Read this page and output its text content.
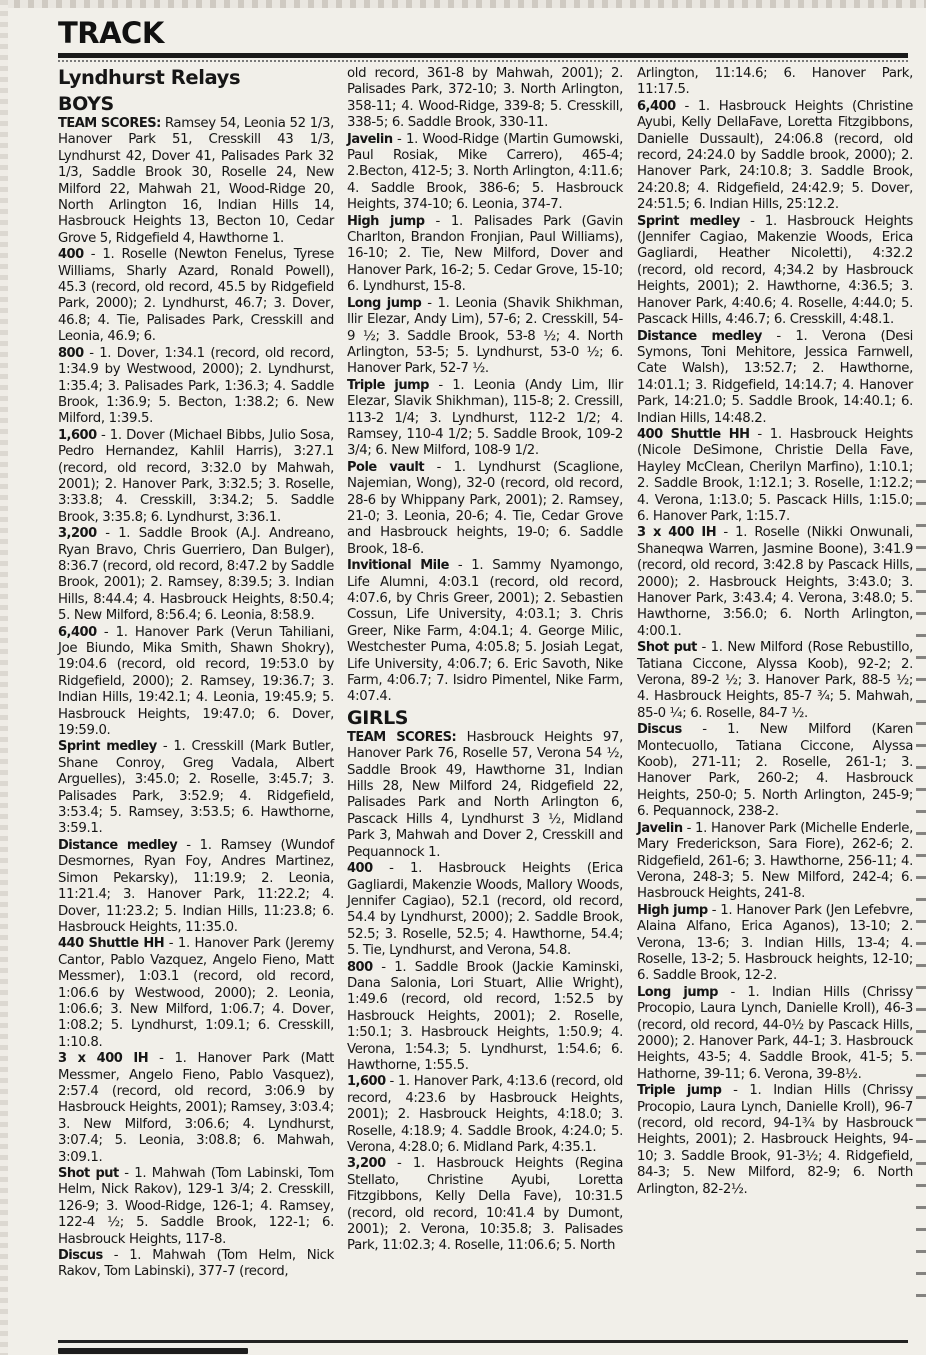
TRACK
Lyndhurst Relays
BOYS

TEAM SCORES: Ramsey 54, Leonia 52 1/3, Hanover Park 51, Cresskill 43 1/3, Lyndhurst 42, Dover 41, Palisades Park 32 1/3, Saddle Brook 30, Roselle 24, New Milford 22, Mahwah 21, Wood-Ridge 20, North Arlington 16, Indian Hills 14, Hasbrouck Heights 13, Becton 10, Cedar Grove 5, Ridgefield 4, Hawthorne 1.

400 - 1. Roselle (Newton Fenelus, Tyrese Williams, Sharly Azard, Ronald Powell), 45.3 (record, old record, 45.5 by Ridgefield Park, 2000); 2. Lyndhurst, 46.7; 3. Dover, 46.8; 4. Tie, Palisades Park, Cresskill and Leonia, 46.9; 6.

800 - 1. Dover, 1:34.1 (record, old record, 1:34.9 by Westwood, 2000); 2. Lyndhurst, 1:35.4; 3. Palisades Park, 1:36.3; 4. Saddle Brook, 1:36.9; 5. Becton, 1:38.2; 6. New Milford, 1:39.5.

1,600 - 1. Dover (Michael Bibbs, Julio Sosa, Pedro Hernandez, Kahlil Harris), 3:27.1 (record, old record, 3:32.0 by Mahwah, 2001); 2. Hanover Park, 3:32.5; 3. Roselle, 3:33.8; 4. Cresskill, 3:34.2; 5. Saddle Brook, 3:35.8; 6. Lyndhurst, 3:36.1.

3,200 - 1. Saddle Brook (A.J. Andreano, Ryan Bravo, Chris Guerriero, Dan Bulger), 8:36.7 (record, old record, 8:47.2 by Saddle Brook, 2001); 2. Ramsey, 8:39.5; 3. Indian Hills, 8:44.4; 4. Hasbrouck Heights, 8:50.4; 5. New Milford, 8:56.4; 6. Leonia, 8:58.9.

6,400 - 1. Hanover Park (Verun Tahiliani, Joe Biundo, Mika Smith, Shawn Shokry), 19:04.6 (record, old record, 19:53.0 by Ridgefield, 2000); 2. Ramsey, 19:36.7; 3. Indian Hills, 19:42.1; 4. Leonia, 19:45.9; 5. Hasbrouck Heights, 19:47.0; 6. Dover, 19:59.0.

Sprint medley - 1. Cresskill (Mark Butler, Shane Conroy, Greg Vadala, Albert Arguelles), 3:45.0; 2. Roselle, 3:45.7; 3. Palisades Park, 3:52.9; 4. Ridgefield, 3:53.4; 5. Ramsey, 3:53.5; 6. Hawthorne, 3:59.1.

Distance medley - 1. Ramsey (Wundof Desmornes, Ryan Foy, Andres Martinez, Simon Pekarsky), 11:19.9; 2. Leonia, 11:21.4; 3. Hanover Park, 11:22.2; 4. Dover, 11:23.2; 5. Indian Hills, 11:23.8; 6. Hasbrouck Heights, 11:35.0.

440 Shuttle HH - 1. Hanover Park (Jeremy Cantor, Pablo Vazquez, Angelo Fieno, Matt Messmer), 1:03.1 (record, old record, 1:06.6 by Westwood, 2000); 2. Leonia, 1:06.6; 3. New Milford, 1:06.7; 4. Dover, 1:08.2; 5. Lyndhurst, 1:09.1; 6. Cresskill, 1:10.8.

3 x 400 IH - 1. Hanover Park (Matt Messmer, Angelo Fieno, Pablo Vasquez), 2:57.4 (record, old record, 3:06.9 by Hasbrouck Heights, 2001); Ramsey, 3:03.4; 3. New Milford, 3:06.6; 4. Lyndhurst, 3:07.4; 5. Leonia, 3:08.8; 6. Mahwah, 3:09.1.

Shot put - 1. Mahwah (Tom Labinski, Tom Helm, Nick Rakov), 129-1 3/4; 2. Cresskill, 126-9; 3. Wood-Ridge, 126-1; 4. Ramsey, 122-4 ½; 5. Saddle Brook, 122-1; 6. Hasbrouck Heights, 117-8.

Discus - 1. Mahwah (Tom Helm, Nick Rakov, Tom Labinski), 377-7 (record,

old record, 361-8 by Mahwah, 2001); 2. Palisades Park, 372-10; 3. North Arlington, 358-11; 4. Wood-Ridge, 339-8; 5. Cresskill, 338-5; 6. Saddle Brook, 330-11.

Javelin - 1. Wood-Ridge (Martin Gumowski, Paul Rosiak, Mike Carrero), 465-4; 2.Becton, 412-5; 3. North Arlington, 4:11.6; 4. Saddle Brook, 386-6; 5. Hasbrouck Heights, 374-10; 6. Leonia, 374-7.

High jump - 1. Palisades Park (Gavin Charlton, Brandon Fronjian, Paul Williams), 16-10; 2. Tie, New Milford, Dover and Hanover Park, 16-2; 5. Cedar Grove, 15-10; 6. Lyndhurst, 15-8.

Long jump - 1. Leonia (Shavik Shikhman, Ilir Elezar, Andy Lim), 57-6; 2. Cresskill, 54-9 ½; 3. Saddle Brook, 53-8 ½; 4. North Arlington, 53-5; 5. Lyndhurst, 53-0 ½; 6. Hanover Park, 52-7 ½.

Triple jump - 1. Leonia (Andy Lim, Ilir Elezar, Slavik Shikhman), 115-8; 2. Cressill, 113-2 1/4; 3. Lyndhurst, 112-2 1/2; 4. Ramsey, 110-4 1/2; 5. Saddle Brook, 109-2 3/4; 6. New Milford, 108-9 1/2.

Pole vault - 1. Lyndhurst (Scaglione, Najemian, Wong), 32-0 (record, old record, 28-6 by Whippany Park, 2001); 2. Ramsey, 21-0; 3. Leonia, 20-6; 4. Tie, Cedar Grove and Hasbrouck heights, 19-0; 6. Saddle Brook, 18-6.

Invitional Mile - 1. Sammy Nyamongo, Life Alumni, 4:03.1 (record, old record, 4:07.6, by Chris Greer, 2001); 2. Sebastien Cossun, Life University, 4:03.1; 3. Chris Greer, Nike Farm, 4:04.1; 4. George Milic, Westchester Puma, 4:05.8; 5. Josiah Legat, Life University, 4:06.7; 6. Eric Savoth, Nike Farm, 4:06.7; 7. Isidro Pimentel, Nike Farm, 4:07.4.

GIRLS

TEAM SCORES: Hasbrouck Heights 97, Hanover Park 76, Roselle 57, Verona 54 ½, Saddle Brook 49, Hawthorne 31, Indian Hills 28, New Milford 24, Ridgefield 22, Palisades Park and North Arlington 6, Pascack Hills 4, Lyndhurst 3 ½, Midland Park 3, Mahwah and Dover 2, Cresskill and Pequannock 1.

400 - 1. Hasbrouck Heights (Erica Gagliardi, Makenzie Woods, Mallory Woods, Jennifer Cagiao), 52.1 (record, old record, 54.4 by Lyndhurst, 2000); 2. Saddle Brook, 52.5; 3. Roselle, 52.5; 4. Hawthorne, 54.4; 5. Tie, Lyndhurst, and Verona, 54.8.

800 - 1. Saddle Brook (Jackie Kaminski, Dana Salonia, Lori Stuart, Allie Wright), 1:49.6 (record, old record, 1:52.5 by Hasbrouck Heights, 2001); 2. Roselle, 1:50.1; 3. Hasbrouck Heights, 1:50.9; 4. Verona, 1:54.3; 5. Lyndhurst, 1:54.6; 6. Hawthorne, 1:55.5.

1,600 - 1. Hanover Park, 4:13.6 (record, old record, 4:23.6 by Hasbrouck Heights, 2001); 2. Hasbrouck Heights, 4:18.0; 3. Roselle, 4:18.9; 4. Saddle Brook, 4:24.0; 5. Verona, 4:28.0; 6. Midland Park, 4:35.1.

3,200 - 1. Hasbrouck Heights (Regina Stellato, Christine Ayubi, Loretta Fitzgibbons, Kelly Della Fave), 10:31.5 (record, old record, 10:41.4 by Dumont, 2001); 2. Verona, 10:35.8; 3. Palisades Park, 11:02.3; 4. Roselle, 11:06.6; 5. North

Arlington, 11:14.6; 6. Hanover Park, 11:17.5.

6,400 - 1. Hasbrouck Heights (Christine Ayubi, Kelly DellaFave, Loretta Fitzgibbons, Danielle Dussault), 24:06.8 (record, old record, 24:24.0 by Saddle brook, 2000); 2. Hanover Park, 24:10.8; 3. Saddle Brook, 24:20.8; 4. Ridgefield, 24:42.9; 5. Dover, 24:51.5; 6. Indian Hills, 25:12.2.

Sprint medley - 1. Hasbrouck Heights (Jennifer Cagiao, Makenzie Woods, Erica Gagliardi, Heather Nicoletti), 4:32.2 (record, old record, 4;34.2 by Hasbrouck Heights, 2001); 2. Hawthorne, 4:36.5; 3. Hanover Park, 4:40.6; 4. Roselle, 4:44.0; 5. Pascack Hills, 4:46.7; 6. Cresskill, 4:48.1.

Distance medley - 1. Verona (Desi Symons, Toni Mehitore, Jessica Farnwell, Cate Walsh), 13:52.7; 2. Hawthorne, 14:01.1; 3. Ridgefield, 14:14.7; 4. Hanover Park, 14:21.0; 5. Saddle Brook, 14:40.1; 6. Indian Hills, 14:48.2.

400 Shuttle HH - 1. Hasbrouck Heights (Nicole DeSimone, Christie Della Fave, Hayley McClean, Cherilyn Marfino), 1:10.1; 2. Saddle Brook, 1:12.1; 3. Roselle, 1:12.2; 4. Verona, 1:13.0; 5. Pascack Hills, 1:15.0; 6. Hanover Park, 1:15.7.

3 x 400 IH - 1. Roselle (Nikki Onwunali, Shaneqwa Warren, Jasmine Boone), 3:41.9 (record, old record, 3:42.8 by Pascack Hills, 2000); 2. Hasbrouck Heights, 3:43.0; 3. Hanover Park, 3:43.4; 4. Verona, 3:48.0; 5. Hawthorne, 3:56.0; 6. North Arlington, 4:00.1.

Shot put - 1. New Milford (Rose Rebustillo, Tatiana Ciccone, Alyssa Koob), 92-2; 2. Verona, 89-2 ½; 3. Hanover Park, 88-5 ½; 4. Hasbrouck Heights, 85-7 ¾; 5. Mahwah, 85-0 ¼; 6. Roselle, 84-7 ½.

Discus - 1. New Milford (Karen Montecuollo, Tatiana Ciccone, Alyssa Koob), 271-11; 2. Roselle, 261-1; 3. Hanover Park, 260-2; 4. Hasbrouck Heights, 250-0; 5. North Arlington, 245-9; 6. Pequannock, 238-2.

Javelin - 1. Hanover Park (Michelle Enderle, Mary Frederickson, Sara Fiore), 262-6; 2. Ridgefield, 261-6; 3. Hawthorne, 256-11; 4. Verona, 248-3; 5. New Milford, 242-4; 6. Hasbrouck Heights, 241-8.

High jump - 1. Hanover Park (Jen Lefebvre, Alaina Alfano, Erica Aganos), 13-10; 2. Verona, 13-6; 3. Indian Hills, 13-4; 4. Roselle, 13-2; 5. Hasbrouck heights, 12-10; 6. Saddle Brook, 12-2.

Long jump - 1. Indian Hills (Chrissy Procopio, Laura Lynch, Danielle Kroll), 46-3 (record, old record, 44-0½ by Pascack Hills, 2000); 2. Hanover Park, 44-1; 3. Hasbrouck Heights, 43-5; 4. Saddle Brook, 41-5; 5. Hathorne, 39-11; 6. Verona, 39-8½.

Triple jump - 1. Indian Hills (Chrissy Procopio, Laura Lynch, Danielle Kroll), 96-7 (record, old record, 94-1¾ by Hasbrouck Heights, 2001); 2. Hasbrouck Heights, 94-10; 3. Saddle Brook, 91-3½; 4. Ridgefield, 84-3; 5. New Milford, 82-9; 6. North Arlington, 82-2½.
